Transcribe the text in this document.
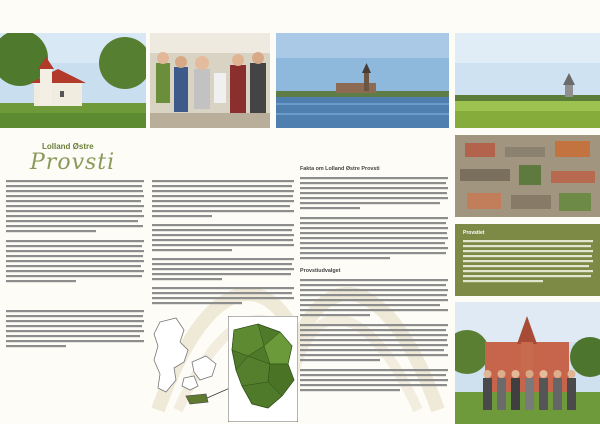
Lolland Østre
Provsti	Fakta om Lolland Østre Provsti
Provstiudvalget
Provstiet
